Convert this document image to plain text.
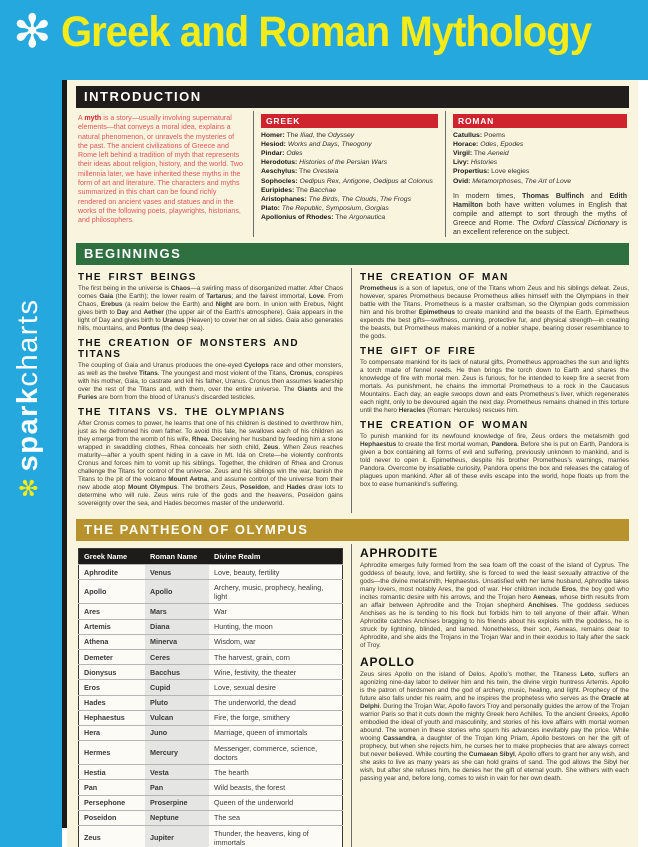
✻ Greek and Roman Mythology
✻sparkcharts
INTRODUCTION
A myth is a story—usually involving supernatural elements—that conveys a moral idea, explains a natural phenomenon, or unravels the mysteries of the past. The ancient civilizations of Greece and Rome left behind a tradition of myth that represents their ideas about religion, history, and the world. Two millennia later, we have inherited these myths in the form of art and literature. The characters and myths summarized in this chart can be found richly rendered on ancient vases and statues and in the works of the following poets, playwrights, historians, and philosophers.
GREEK
Homer : The Iliad, the Odyssey
Hesiod : Works and Days, Theogony
Pindar : Odes
Herodotus : Histories of the Persian Wars
Aeschylus : The Oresteia
Sophocles : Oedipus Rex, Antigone, Oedipus at Colonus
Euripides : The Bacchae
Aristophanes : The Birds, The Clouds, The Frogs
Plato : The Republic, Symposium, Gorgias
Apollonius of Rhodes : The Argonautica
ROMAN
Catullus : Poems
Horace : Odes, Epodes
Virgil : The Aeneid
Livy : Histories
Propertius : Love elegies
Ovid : Metamorphoses, The Art of Love
In modern times, Thomas Bulfinch and Edith Hamilton both have written volumes in English that compile and attempt to sort through the myths of Greece and Rome. The Oxford Classical Dictionary is an excellent reference on the subject.
BEGINNINGS
THE FIRST BEINGS

The first being in the universe is Chaos—a swirling mass of disorganized matter. After Chaos comes Gaia (the Earth); the lower realm of Tartarus; and the fairest immortal, Love. From Chaos, Erebus (a realm below the Earth) and Night are born. In union with Erebus, Night gives birth to Day and Aether (the upper air of the Earth’s atmosphere). Gaia appears in the light of Day and gives birth to Uranus (Heaven) to cover her on all sides. Gaia also generates hills, mountains, and Pontus (the deep sea).

THE CREATION OF MONSTERS AND TITANS

The coupling of Gaia and Uranus produces the one-eyed Cyclops race and other monsters, as well as the twelve Titans. The youngest and most violent of the Titans, Cronus, conspires with his mother, Gaia, to castrate and kill his father, Uranus. Cronus then assumes leadership over the rest of the Titans and, with them, over the entire universe. The Giants and the Furies are born from the blood of Uranus’s discarded testicles.

THE TITANS VS. THE OLYMPIANS

After Cronus comes to power, he learns that one of his children is destined to overthrow him, just as he dethroned his own father. To avoid this fate, he swallows each of his children as they emerge from the womb of his wife, Rhea. Deceiving her husband by feeding him a stone wrapped in swaddling clothes, Rhea conceals her sixth child, Zeus. When Zeus reaches maturity—after a youth spent hiding in a cave in Mt. Ida on Crete—he violently confronts Cronus and forces him to vomit up his siblings. Together, the children of Rhea and Cronus challenge the Titans for control of the universe. Zeus and his siblings win the war, banish the Titans to the pit of the volcano Mount Aetna, and assume control of the universe from their new abode atop Mount Olympus. The brothers Zeus, Poseidon, and Hades draw lots to determine who will rule. Zeus wins rule of the gods and the heavens, Poseidon gains sovereignty over the sea, and Hades becomes master of the underworld.

THE CREATION OF MAN

Prometheus is a son of Iapetus, one of the Titans whom Zeus and his siblings defeat. Zeus, however, spares Prometheus because Prometheus allies himself with the Olympians in their battle with the Titans. Prometheus is a master craftsman, so the Olympian gods commission him and his brother Epimetheus to create mankind and the beasts of the Earth. Epimetheus expends the best gifts—swiftness, cunning, protective fur, and physical strength—in creating the beasts, but Prometheus makes mankind of a nobler shape, bearing closer resemblance to the gods.

THE GIFT OF FIRE

To compensate mankind for its lack of natural gifts, Prometheus approaches the sun and lights a torch made of fennel reeds. He then brings the torch down to Earth and shares the knowledge of fire with mortal men. Zeus is furious, for he intended to keep fire a secret from mortals. As punishment, he chains the immortal Prometheus to a rock in the Caucasus Mountains. Each day, an eagle swoops down and eats Prometheus’s liver, which regenerates each night, only to be devoured again the next day. Prometheus remains chained in this torture until the hero Heracles (Roman: Hercules) rescues him.

THE CREATION OF WOMAN

To punish mankind for its newfound knowledge of fire, Zeus orders the metalsmith god Hephaestus to create the first mortal woman, Pandora. Before she is put on Earth, Pandora is given a box containing all forms of evil and suffering, previously unknown to mankind, and is told never to open it. Epimetheus, despite his brother Prometheus’s warnings, marries Pandora. Overcome by insatiable curiosity, Pandora opens the box and releases the catalog of plagues upon mankind. After all of these evils escape into the world, hope floats up from the box to ease humankind’s suffering.

THE PANTHEON OF OLYMPUS
Greek Name	Roman Name	Divine Realm
Aphrodite	Venus	Love, beauty, fertility
Apollo	Apollo	Archery, music, prophecy, healing, light
Ares	Mars	War
Artemis	Diana	Hunting, the moon
Athena	Minerva	Wisdom, war
Demeter	Ceres	The harvest, grain, corn
Dionysus	Bacchus	Wine, festivity, the theater
Eros	Cupid	Love, sexual desire
Hades	Pluto	The underworld, the dead
Hephaestus	Vulcan	Fire, the forge, smithery
Hera	Juno	Marriage, queen of immortals
Hermes	Mercury	Messenger, commerce, science, doctors
Hestia	Vesta	The hearth
Pan	Pan	Wild beasts, the forest
Persephone	Proserpine	Queen of the underworld
Poseidon	Neptune	The sea
Zeus	Jupiter	Thunder, the heavens, king of immortals
APHRODITE

Aphrodite emerges fully formed from the sea foam off the coast of the island of Cyprus. The goddess of beauty, love, and fertility, she is forced to wed the least sexually attractive of the gods—the divine metalsmith, Hephaestus. Unsatisfied with her lame husband, Aphrodite takes many lovers, most notably Ares, the god of war. Her children include Eros, the boy god who incites romantic desire with his arrows, and the Trojan hero Aeneas, whose birth results from an affair between Aphrodite and the Trojan shepherd Anchises. The goddess seduces Anchises as he is tending to his flock but forbids him to tell anyone of their affair. When Aphrodite catches Anchises bragging to his friends about his exploits with the goddess, he is struck by lightning, blinded, and lamed. Nonetheless, their son, Aeneas, remains dear to Aphrodite, and she aids the Trojans in the Trojan War and in their exodus to Italy after the sack of Troy.

APOLLO

Zeus sires Apollo on the island of Delos. Apollo’s mother, the Titaness Leto, suffers an agonizing nine-day labor to deliver him and his twin, the divine virgin huntress Artemis. Apollo is the patron of herdsmen and the god of archery, music, healing, and light. Prophecy of the future also falls under his realm, and he inspires the prophetess who serves as the Oracle at Delphi. During the Trojan War, Apollo favors Troy and personally guides the arrow of the Trojan warrior Paris so that it cuts down the mighty Greek hero Achilles. To the ancient Greeks, Apollo embodied the ideal of youth and masculinity, and stories of his love affairs with mortal women abound. The women in these stories who spurn his advances inevitably pay the price. While wooing Cassandra, a daughter of the Trojan king Priam, Apollo bestows on her the gift of prophecy, but when she rejects him, he curses her to make prophecies that are always correct but never believed. While courting the Cumaean Sibyl, Apollo offers to grant her any wish, and she asks to live as many years as she can hold grains of sand. The god allows the Sibyl her wish, but after she refuses him, he denies her the gift of eternal youth. She withers with each passing year and, before long, comes to wish in vain for her own death.
